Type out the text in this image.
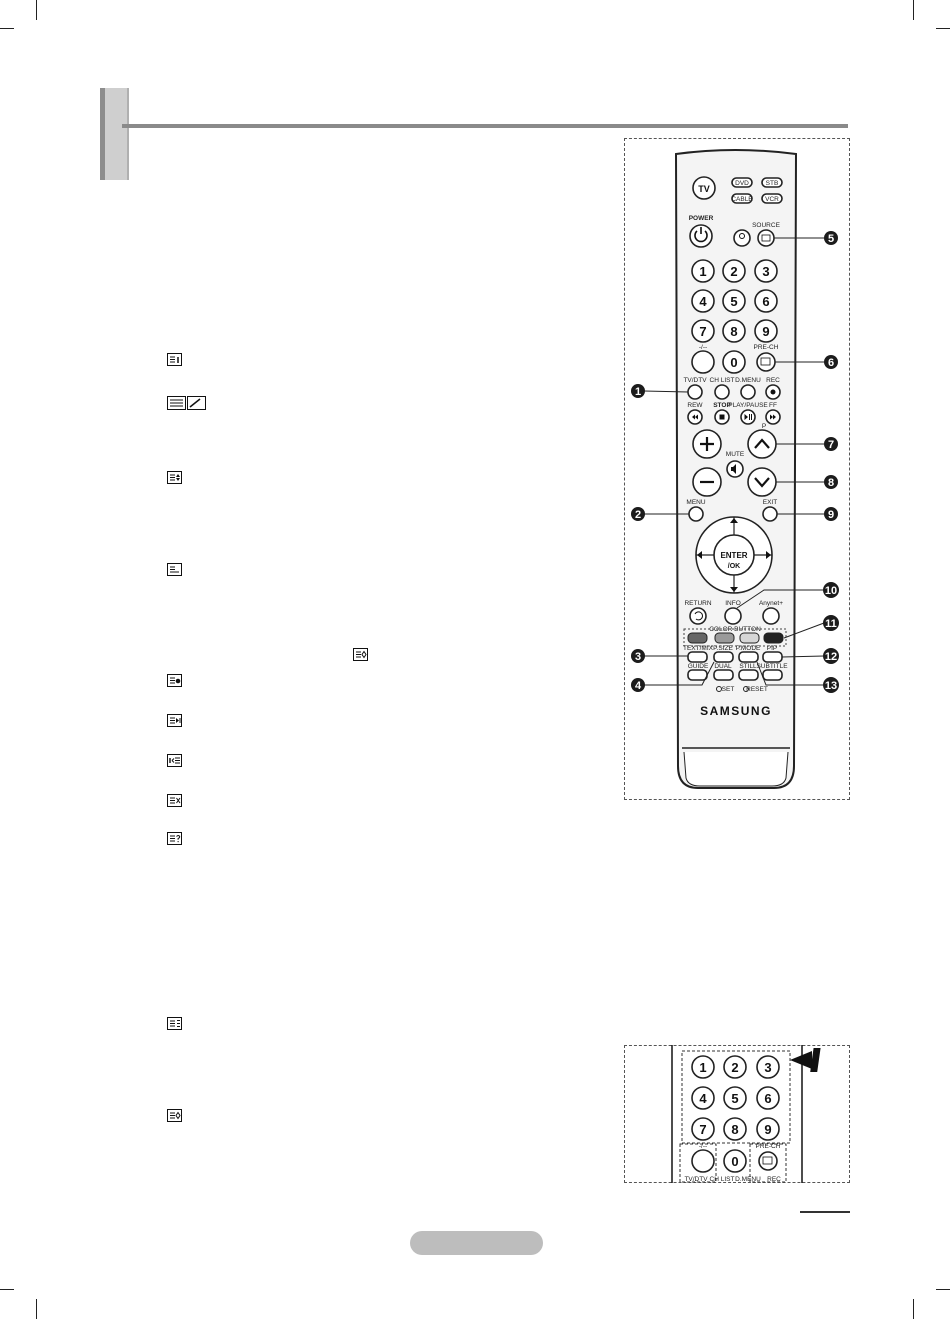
TV
DVD	STB
CABLE VCR
POWER
SOURCE
1 2 3
4 5 6
7 8 9
-/--
0
PRE-CH
TV/DTV CH LIST D.MENU REC
REW STOP
PLAY/PAUSE FF
MUTE
P
MENU	EXIT
ENTER
/OK
RETURN INFO	Anynet+
COLOR BUTTON
TEXT/MIX P.SIZE P.MODE PIP
GUIDE DUAL STILL SUBTITLE
SET RESET
SAMSUNG
1
2
3
4
5
6
7
8
9
10
11
12
13
1 2 3
4 5 6
7 8 9
-/--
0
PRE-CH
TV/DTV CH LIST D.MENU REC
